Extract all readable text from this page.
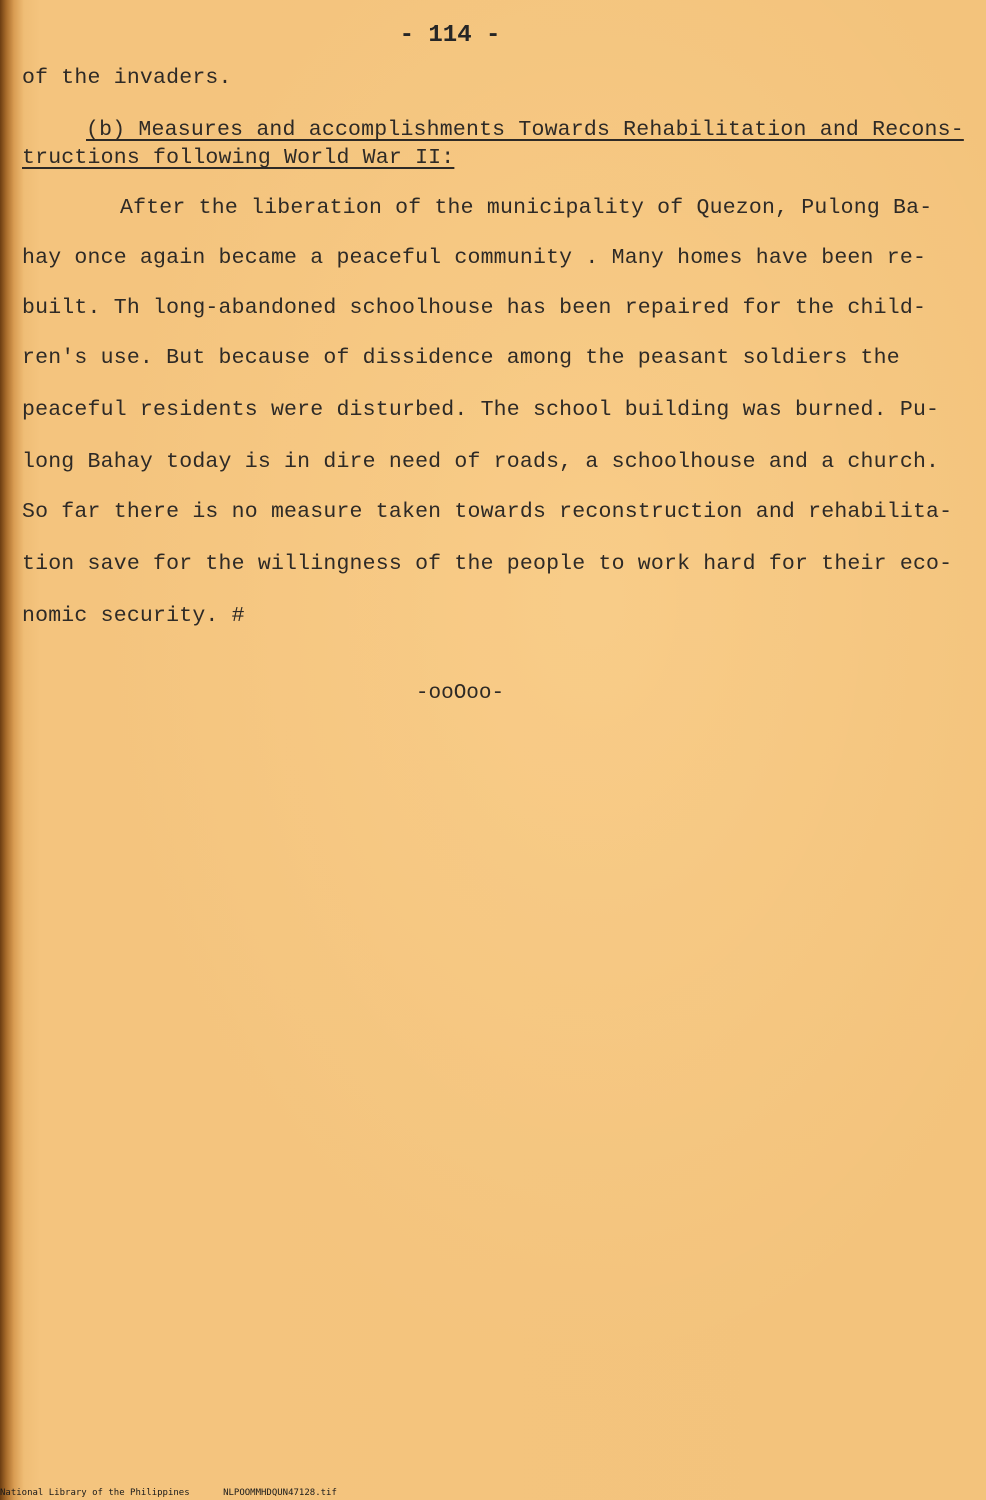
- 114 -
of the invaders.
(b) Measures and accomplishments Towards Rehabilitation and Recons-
tructions following World War II:
After the liberation of the municipality of Quezon, Pulong Ba-
hay once again became a peaceful community . Many homes have been re-
built. Th long-abandoned schoolhouse has been repaired for the child-
ren's use. But because of dissidence among the peasant soldiers the
peaceful residents were disturbed. The school building was burned. Pu-
long Bahay today is in dire need of roads, a schoolhouse and a church.
So far there is no measure taken towards reconstruction and rehabilita-
tion save for the willingness of the people to work hard for their eco-
nomic security. #
-ooOoo-
National Library of the Philippines	NLPOOMMHDQUN47128.tif
